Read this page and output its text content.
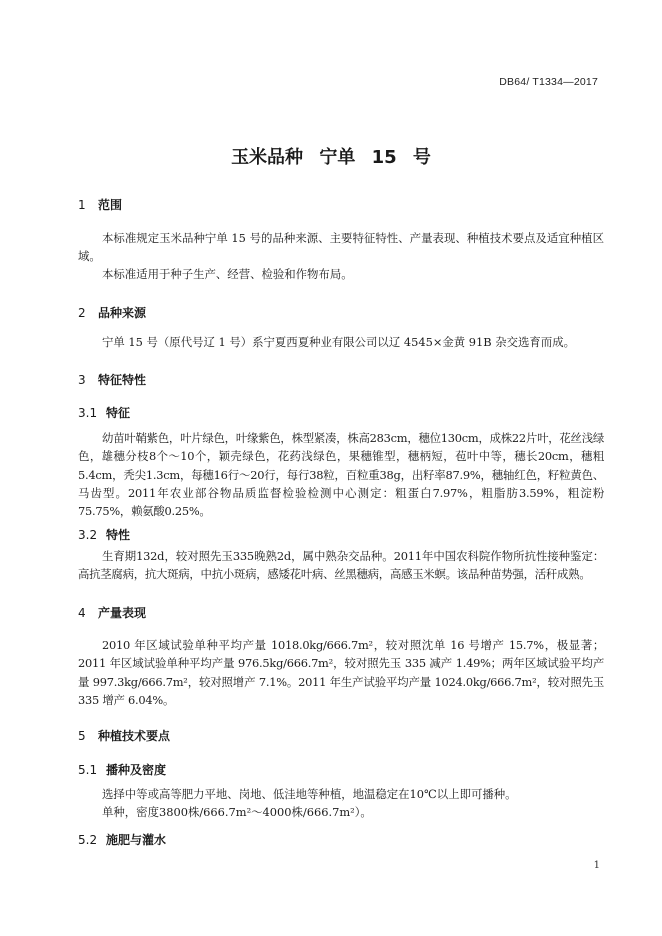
DB64/ T1334—2017

玉米品种 宁单 15 号

1 范围

本标准规定玉米品种宁单 15 号的品种来源、主要特征特性、产量表现、种植技术要点及适宜种植区域。

本标准适用于种子生产、经营、检验和作物布局。

2 品种来源

宁单 15 号（原代号辽 1 号）系宁夏西夏种业有限公司以辽 4545×金黄 91B 杂交选育而成。

3 特征特性

3.1 特征

幼苗叶鞘紫色，叶片绿色，叶缘紫色，株型紧凑，株高283cm，穗位130cm，成株22片叶，花丝浅绿色，雄穗分枝8个～10个，颖壳绿色，花药浅绿色，果穗锥型，穗柄短，苞叶中等，穗长20cm，穗粗5.4cm，秃尖1.3cm，每穗16行～20行，每行38粒，百粒重38g，出籽率87.9%，穗轴红色，籽粒黄色、马齿型。2011年农业部谷物品质监督检验检测中心测定：粗蛋白7.97%，粗脂肪3.59%，粗淀粉75.75%，赖氨酸0.25%。

3.2 特性

生育期132d，较对照先玉335晚熟2d，属中熟杂交品种。2011年中国农科院作物所抗性接种鉴定：高抗茎腐病，抗大斑病，中抗小斑病，感矮花叶病、丝黑穗病，高感玉米螟。该品种苗势强，活秆成熟。

4 产量表现

2010 年区域试验单种平均产量 1018.0kg/666.7m²，较对照沈单 16 号增产 15.7%，极显著；2011 年区域试验单种平均产量 976.5kg/666.7m²，较对照先玉 335 减产 1.49%；两年区域试验平均产量 997.3kg/666.7m²，较对照增产 7.1%。2011 年生产试验平均产量 1024.0kg/666.7m²，较对照先玉 335 增产 6.04%。

5 种植技术要点

5.1 播种及密度

选择中等或高等肥力平地、岗地、低洼地等种植，地温稳定在10℃以上即可播种。

单种，密度3800株/666.7m²～4000株/666.7m²）。

5.2 施肥与灌水

1
